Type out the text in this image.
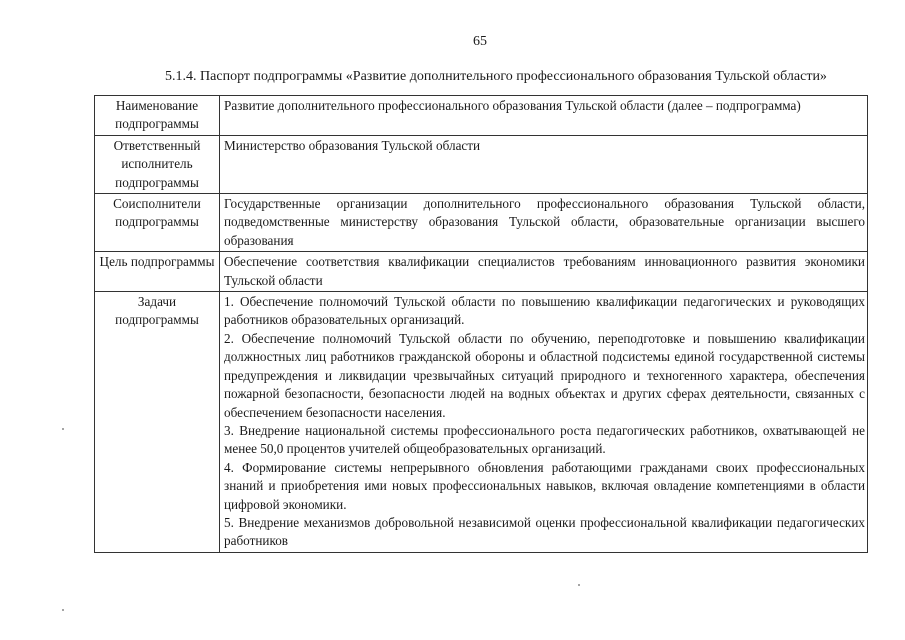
65
5.1.4. Паспорт подпрограммы «Развитие дополнительного профессионального образования Тульской области»
Наименование подпрограммы	Развитие дополнительного профессионального образования Тульской области (далее – подпрограмма)
Ответственный исполнитель подпрограммы	Министерство образования Тульской области
Соисполнители подпрограммы	Государственные организации дополнительного профессионального образования Тульской области, подведомственные министерству образования Тульской области, образовательные организации высшего образования
Цель подпрограммы	Обеспечение соответствия квалификации специалистов требованиям инновационного развития экономики Тульской области
Задачи подпрограммы	1. Обеспечение полномочий Тульской области по повышению квалификации педагогических и руководящих работников образовательных организаций.
2. Обеспечение полномочий Тульской области по обучению, переподготовке и повышению квалификации должностных лиц работников гражданской обороны и областной подсистемы единой государственной системы предупреждения и ликвидации чрезвычайных ситуаций природного и техногенного характера, обеспечения пожарной безопасности, безопасности людей на водных объектах и других сферах деятельности, связанных с обеспечением безопасности населения.
3. Внедрение национальной системы профессионального роста педагогических работников, охватывающей не менее 50,0 процентов учителей общеобразовательных организаций.
4. Формирование системы непрерывного обновления работающими гражданами своих профессиональных знаний и приобретения ими новых профессиональных навыков, включая овладение компетенциями в области цифровой экономики.
5. Внедрение механизмов добровольной независимой оценки профессиональной квалификации педагогических работников
